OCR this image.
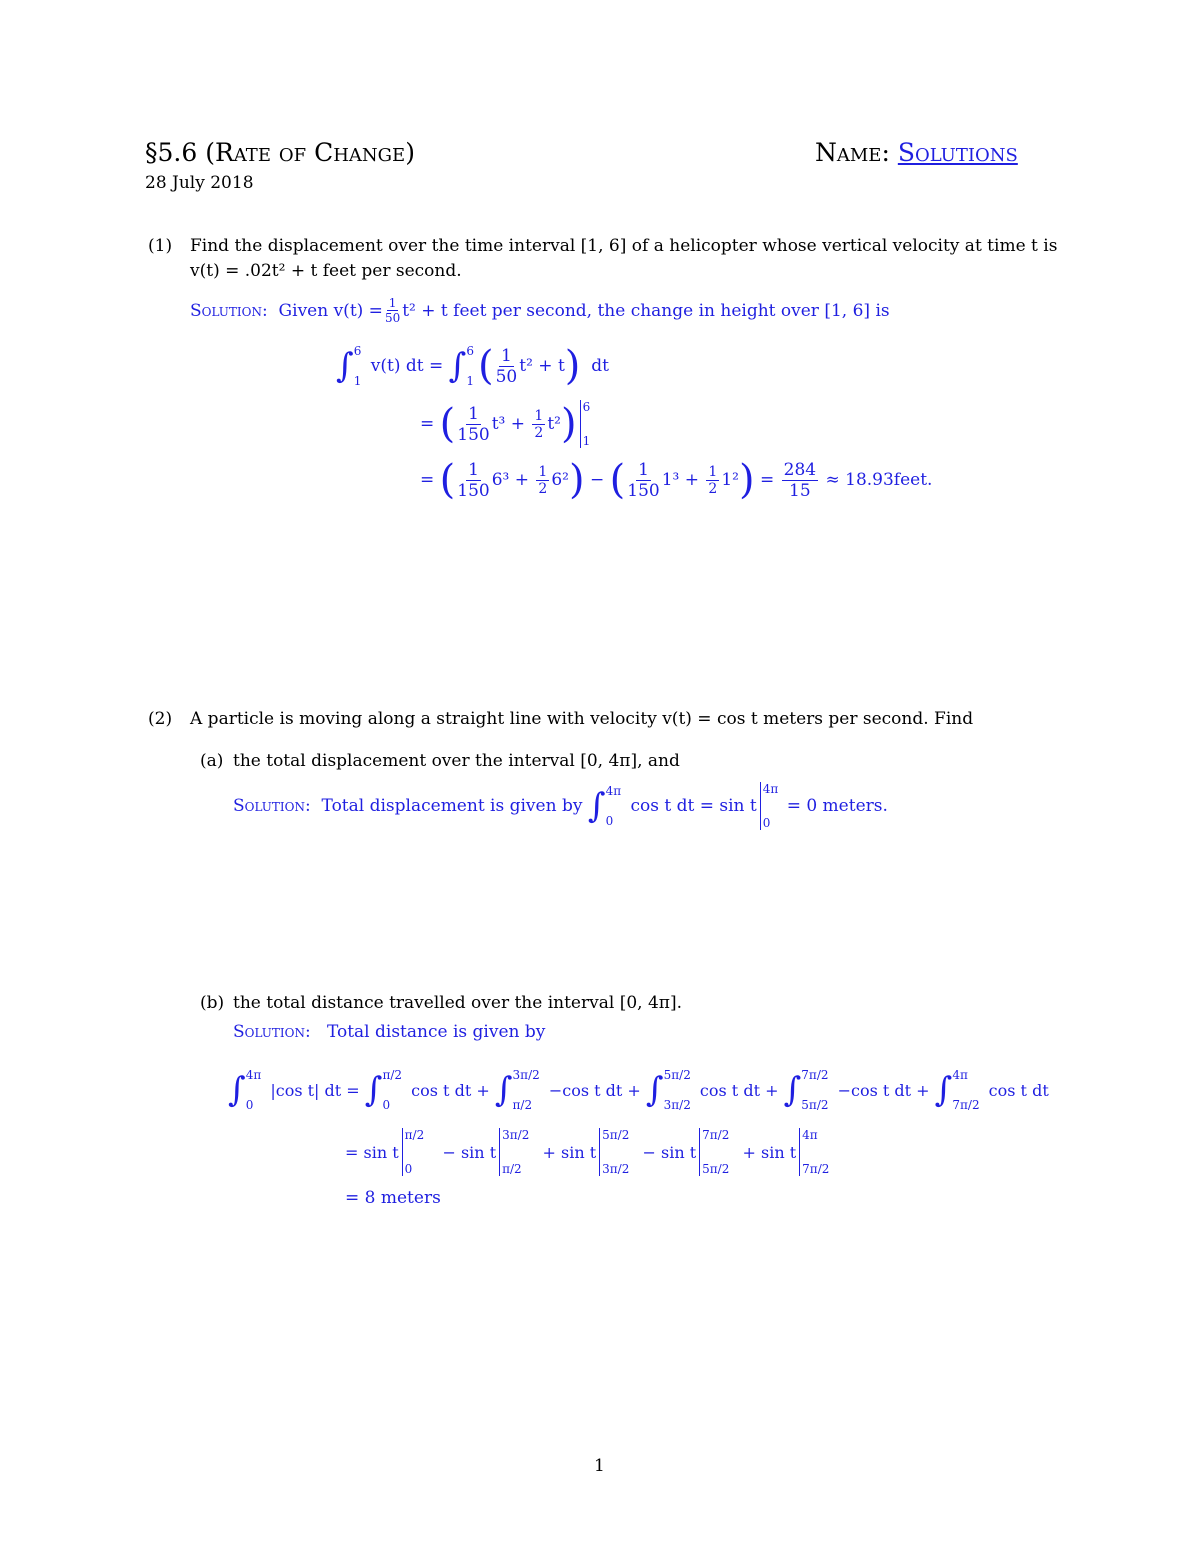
§5.6 (Rate of Change)
28 July 2018
Name: Solutions
(1) Find the displacement over the time interval [1, 6] of a helicopter whose vertical velocity at time t is
v(t) = .02t² + t feet per second.
Solution:
Given $v(t) = \frac{1}{50} t^2 + t$ feet per second, the change in height over [1, 6] is
∫ 6
1
v(t) dt = ∫ 6
1 ( $\frac{1}{50} t^2 + t$ ) dt
= ( $\frac{1}{150} t^3 + \frac{1}{2} t^2$ ) 6
1
= ( $\frac{1}{150} 6^3 + \frac{1}{2} 6^2$ ) − ( $\frac{1}{150} 1^3 + \frac{1}{2} 1^2$ ) = $\frac{284}{15}$
≈ 18.93feet.
(2) A particle is moving along a straight line with velocity v(t) = cos t meters per second. Find
(a) the total displacement over the interval [0, 4π], and
Solution:
Total displacement is given by
∫ 4π
0
cos t dt = sin t
4π
0

= 0 meters.
(b) the total distance travelled over the interval [0, 4π].
Solution: Total distance is given by
∫ 4π
0
|cos t| dt = ∫ π/2
0
cos t dt + ∫ 3π/2
π/2
−cos t dt + ∫ 5π/2
3π/2
cos t dt + ∫ 7π/2
5π/2
−cos t dt + ∫ 4π
7π/2
cos t dt
= sin t
π/2
0
− sin t
3π/2
π/2
+ sin t
5π/2
3π/2
− sin t
7π/2
5π/2
+ sin t
4π
7π/2
= 8 meters
1
